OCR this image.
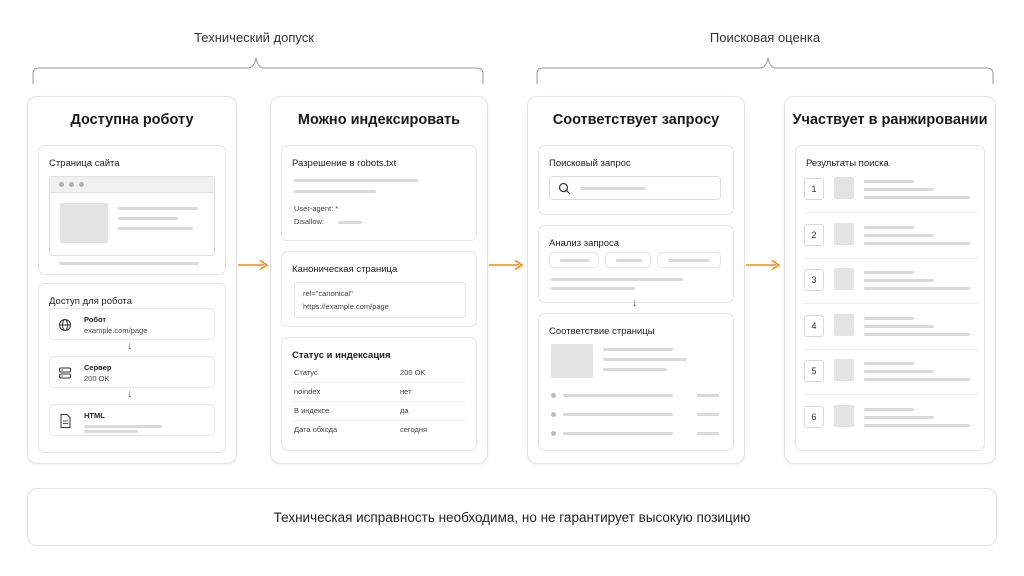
Технический допуск	Поисковая оценка
Доступна роботу
Страница сайта
Доступ для робота
Робот
example.com/page
↓
Сервер
200 OK
↓
HTML
Можно индексировать
Разрешение в robots.txt
User-agent: *
Disallow:
Каноническая страница
rel="canonical"
https://example.com/page
Статус и индексация
Статус	200 OK
noindex	нет
В индексе	да
Дата обхода	сегодня
Соответствует запросу
Поисковый запрос
Анализ запроса
↓
Соответствие страницы
Участвует в ранжировании
Результаты поиска
1
2
3
4
5
6
Техническая исправность необходима, но не гарантирует высокую позицию
